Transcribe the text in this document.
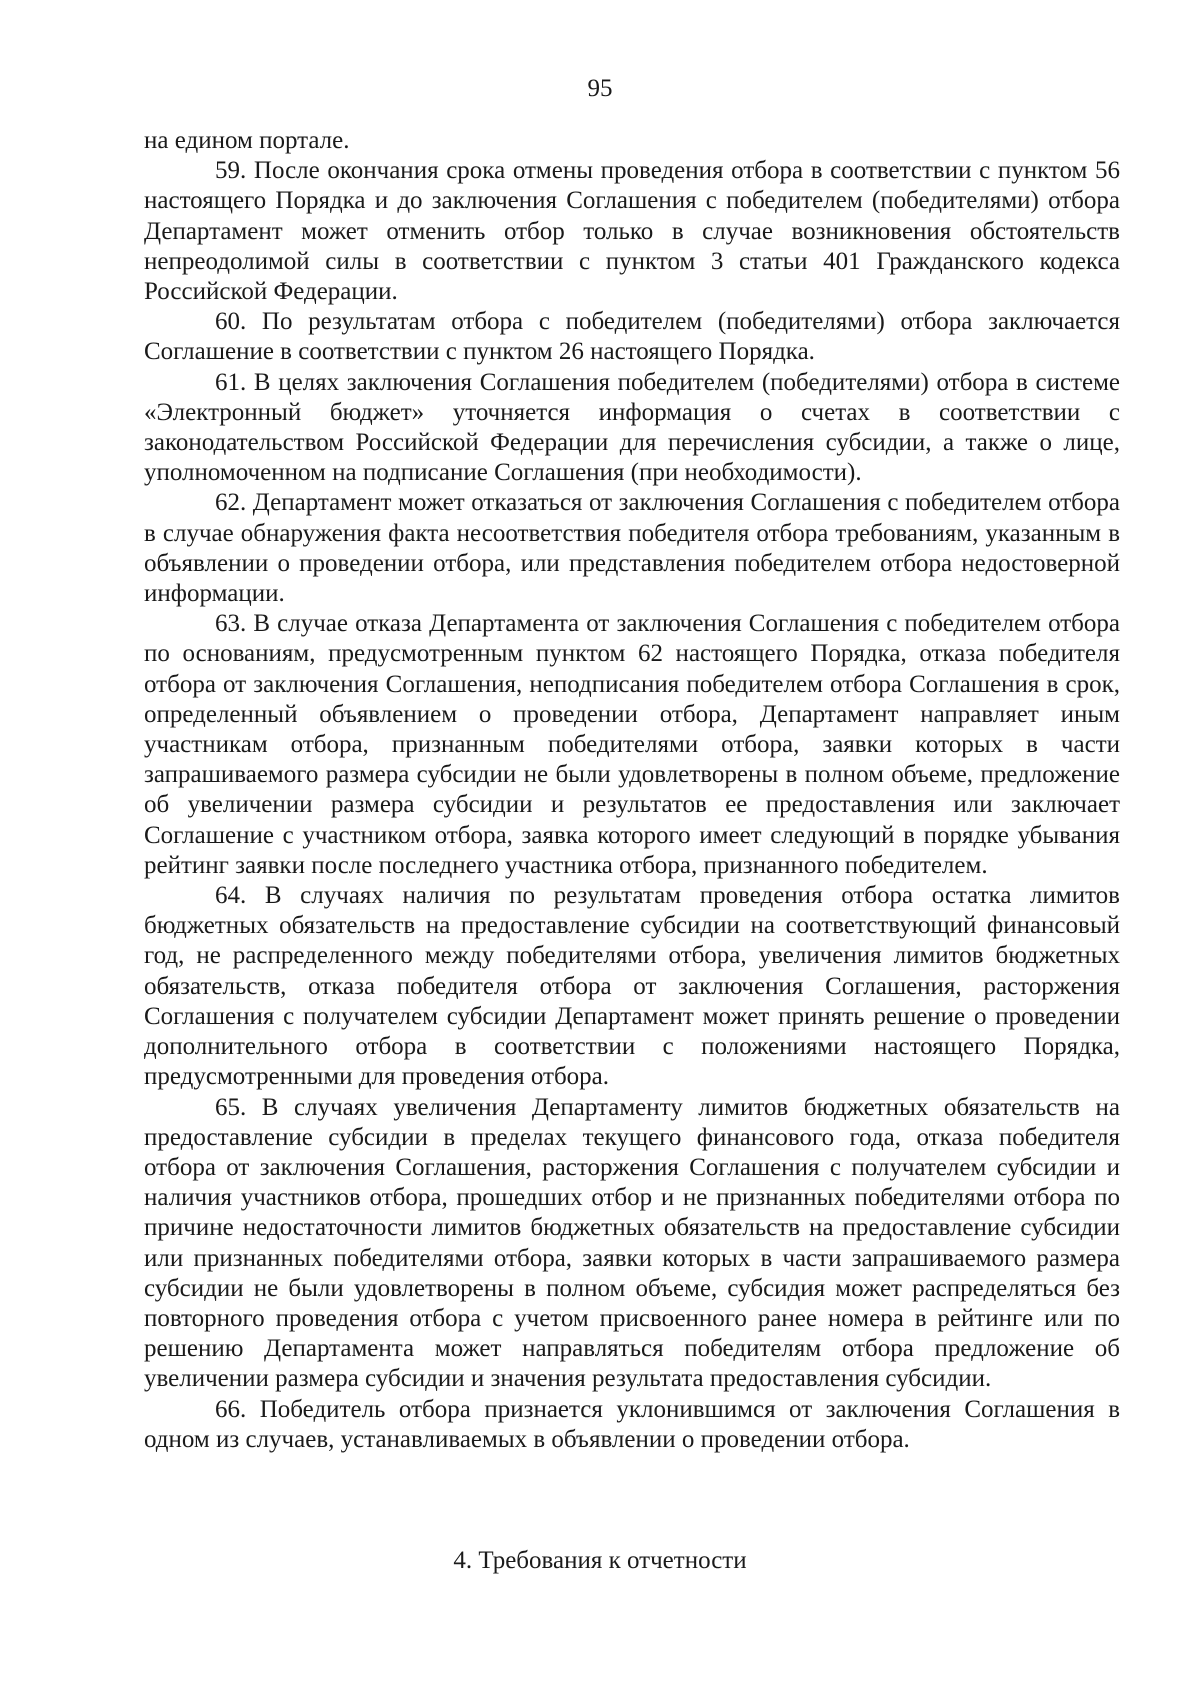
95

на едином портале.

59. После окончания срока отмены проведения отбора в соответствии с пунктом 56 настоящего Порядка и до заключения Соглашения с победителем (победителями) отбора Департамент может отменить отбор только в случае возникновения обстоятельств непреодолимой силы в соответствии с пунктом 3 статьи 401 Гражданского кодекса Российской Федерации.

60. По результатам отбора с победителем (победителями) отбора заключается Соглашение в соответствии с пунктом 26 настоящего Порядка.

61. В целях заключения Соглашения победителем (победителями) отбора в системе «Электронный бюджет» уточняется информация о счетах в соответствии с законодательством Российской Федерации для перечисления субсидии, а также о лице, уполномоченном на подписание Соглашения (при необходимости).

62. Департамент может отказаться от заключения Соглашения с победителем отбора в случае обнаружения факта несоответствия победителя отбора требованиям, указанным в объявлении о проведении отбора, или представления победителем отбора недостоверной информации.

63. В случае отказа Департамента от заключения Соглашения с победителем отбора по основаниям, предусмотренным пунктом 62 настоящего Порядка, отказа победителя отбора от заключения Соглашения, неподписания победителем отбора Соглашения в срок, определенный объявлением о проведении отбора, Департамент направляет иным участникам отбора, признанным победителями отбора, заявки которых в части запрашиваемого размера субсидии не были удовлетворены в полном объеме, предложение об увеличении размера субсидии и результатов ее предоставления или заключает Соглашение с участником отбора, заявка которого имеет следующий в порядке убывания рейтинг заявки после последнего участника отбора, признанного победителем.

64. В случаях наличия по результатам проведения отбора остатка лимитов бюджетных обязательств на предоставление субсидии на соответствующий финансовый год, не распределенного между победителями отбора, увеличения лимитов бюджетных обязательств, отказа победителя отбора от заключения Соглашения, расторжения Соглашения с получателем субсидии Департамент может принять решение о проведении дополнительного отбора в соответствии с положениями настоящего Порядка, предусмотренными для проведения отбора.

65. В случаях увеличения Департаменту лимитов бюджетных обязательств на предоставление субсидии в пределах текущего финансового года, отказа победителя отбора от заключения Соглашения, расторжения Соглашения с получателем субсидии и наличия участников отбора, прошедших отбор и не признанных победителями отбора по причине недостаточности лимитов бюджетных обязательств на предоставление субсидии или признанных победителями отбора, заявки которых в части запрашиваемого размера субсидии не были удовлетворены в полном объеме, субсидия может распределяться без повторного проведения отбора с учетом присвоенного ранее номера в рейтинге или по решению Департамента может направляться победителям отбора предложение об увеличении размера субсидии и значения результата предоставления субсидии.

66. Победитель отбора признается уклонившимся от заключения Соглашения в одном из случаев, устанавливаемых в объявлении о проведении отбора.

4. Требования к отчетности
